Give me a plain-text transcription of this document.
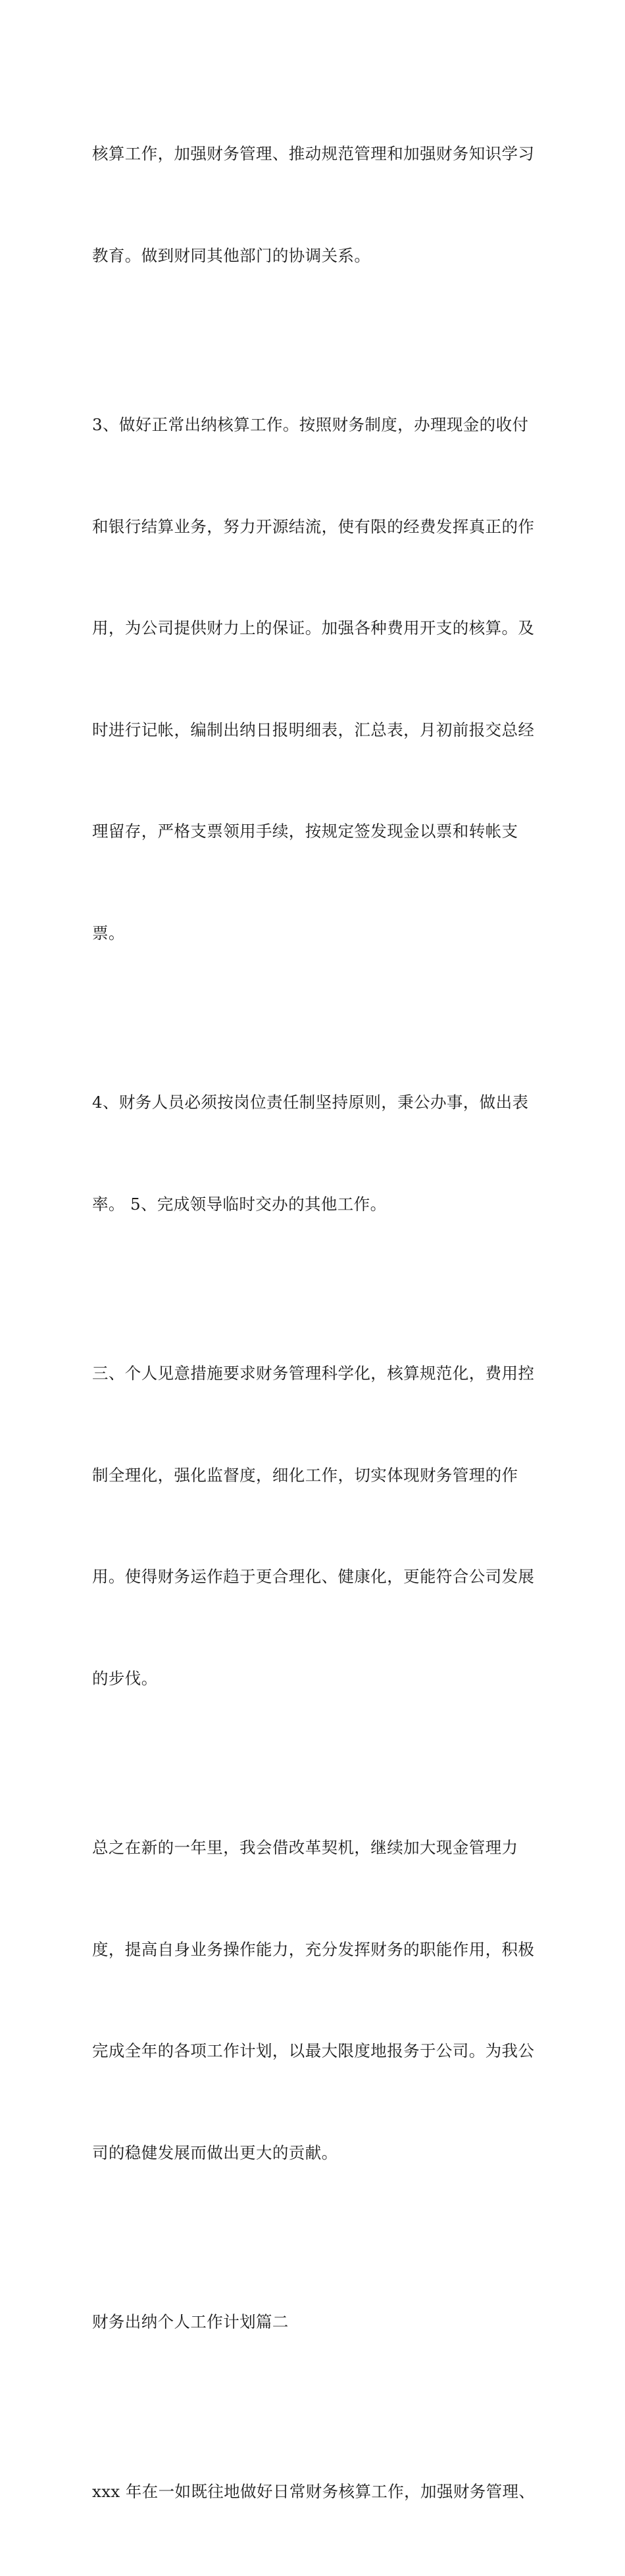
核算工作，加强财务管理、推动规范管理和加强财务知识学习

教育。做到财同其他部门的协调关系。

3、做好正常出纳核算工作。按照财务制度，办理现金的收付

和银行结算业务，努力开源结流，使有限的经费发挥真正的作

用，为公司提供财力上的保证。加强各种费用开支的核算。及

时进行记帐，编制出纳日报明细表，汇总表，月初前报交总经

理留存，严格支票领用手续，按规定签发现金以票和转帐支

票。

4、财务人员必须按岗位责任制坚持原则，秉公办事，做出表

率。 5、完成领导临时交办的其他工作。

三、个人见意措施要求财务管理科学化，核算规范化，费用控

制全理化，强化监督度，细化工作，切实体现财务管理的作

用。使得财务运作趋于更合理化、健康化，更能符合公司发展

的步伐。

总之在新的一年里，我会借改革契机，继续加大现金管理力

度，提高自身业务操作能力，充分发挥财务的职能作用，积极

完成全年的各项工作计划，以最大限度地报务于公司。为我公

司的稳健发展而做出更大的贡献。

财务出纳个人工作计划篇二

xxx 年在一如既往地做好日常财务核算工作，加强财务管理、
